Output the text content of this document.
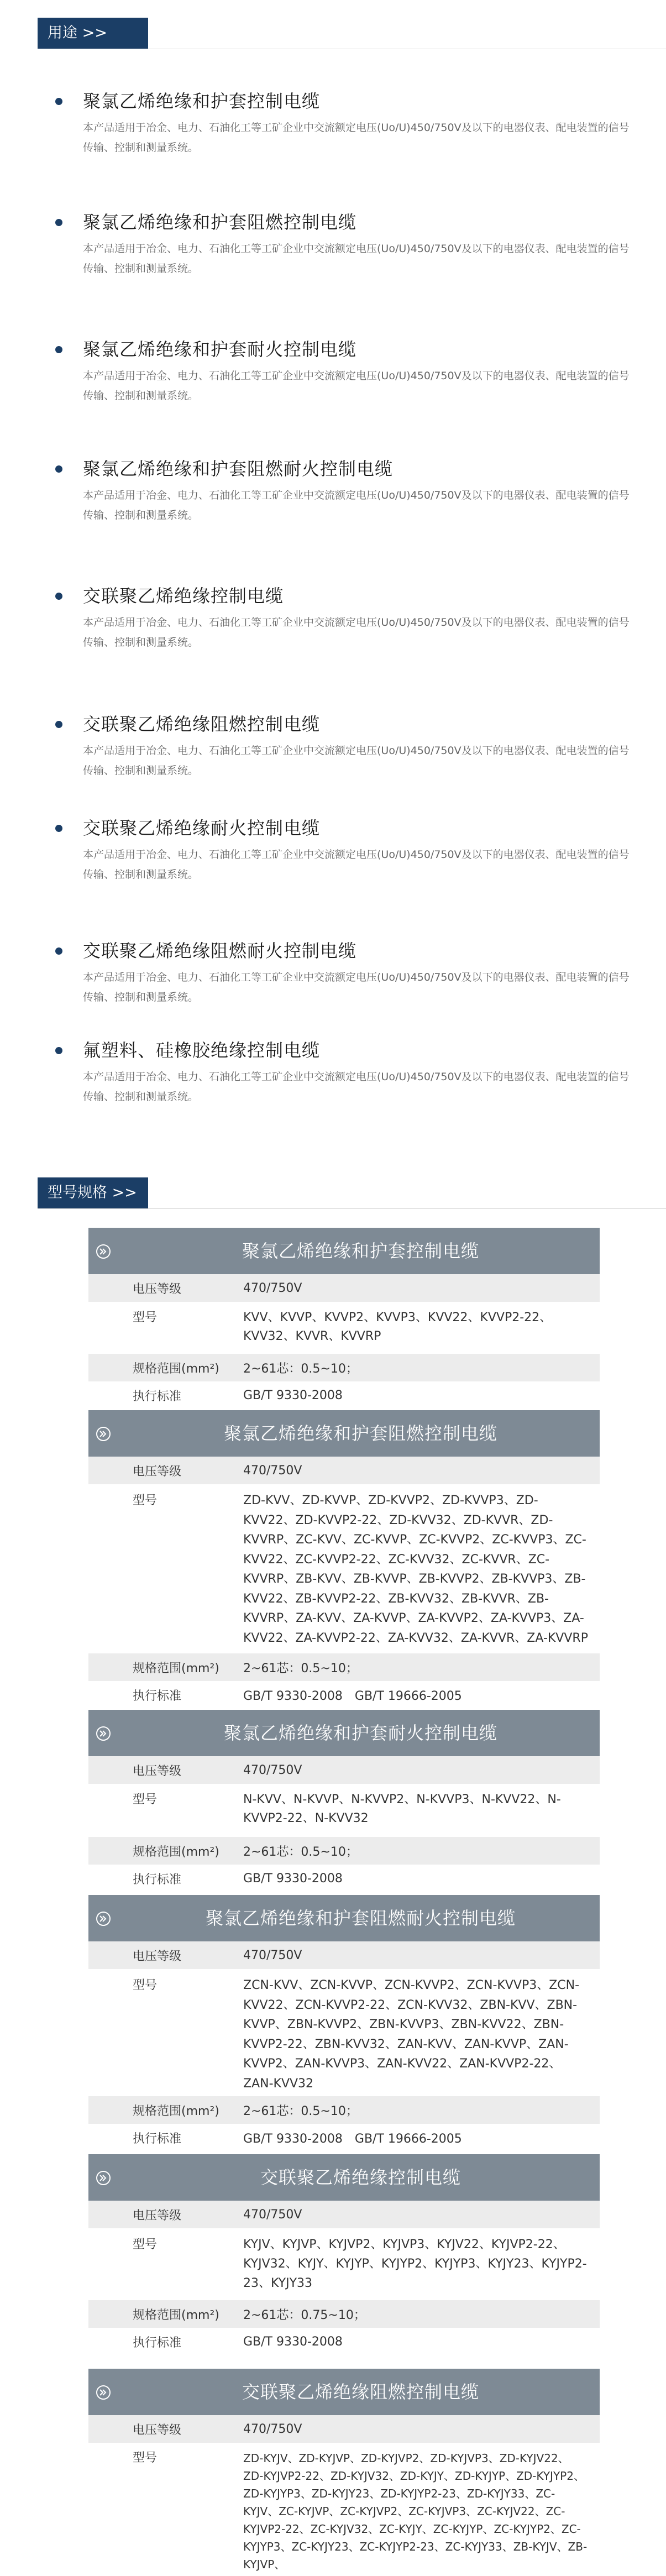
用途 >>
聚氯乙烯绝缘和护套控制电缆
本产品适用于冶金、电力、石油化工等工矿企业中交流额定电压(Uo/U)450/750V及以下的电器仪表、配电装置的信号传输、控制和测量系统。
聚氯乙烯绝缘和护套阻燃控制电缆
本产品适用于冶金、电力、石油化工等工矿企业中交流额定电压(Uo/U)450/750V及以下的电器仪表、配电装置的信号传输、控制和测量系统。
聚氯乙烯绝缘和护套耐火控制电缆
本产品适用于冶金、电力、石油化工等工矿企业中交流额定电压(Uo/U)450/750V及以下的电器仪表、配电装置的信号传输、控制和测量系统。
聚氯乙烯绝缘和护套阻燃耐火控制电缆
本产品适用于冶金、电力、石油化工等工矿企业中交流额定电压(Uo/U)450/750V及以下的电器仪表、配电装置的信号传输、控制和测量系统。
交联聚乙烯绝缘控制电缆
本产品适用于冶金、电力、石油化工等工矿企业中交流额定电压(Uo/U)450/750V及以下的电器仪表、配电装置的信号传输、控制和测量系统。
交联聚乙烯绝缘阻燃控制电缆
本产品适用于冶金、电力、石油化工等工矿企业中交流额定电压(Uo/U)450/750V及以下的电器仪表、配电装置的信号传输、控制和测量系统。
交联聚乙烯绝缘耐火控制电缆
本产品适用于冶金、电力、石油化工等工矿企业中交流额定电压(Uo/U)450/750V及以下的电器仪表、配电装置的信号传输、控制和测量系统。
交联聚乙烯绝缘阻燃耐火控制电缆
本产品适用于冶金、电力、石油化工等工矿企业中交流额定电压(Uo/U)450/750V及以下的电器仪表、配电装置的信号传输、控制和测量系统。
氟塑料、硅橡胶绝缘控制电缆
本产品适用于冶金、电力、石油化工等工矿企业中交流额定电压(Uo/U)450/750V及以下的电器仪表、配电装置的信号传输、控制和测量系统。
型号规格 >>
聚氯乙烯绝缘和护套控制电缆
电压等级	470/750V
型号	KVV、KVVP、KVVP2、KVVP3、KVV22、KVVP2-22、KVV32、KVVR、KVVRP
规格范围(mm²)	2~61芯：0.5~10；
执行标准	GB/T 9330-2008
聚氯乙烯绝缘和护套阻燃控制电缆
电压等级	470/750V
型号	ZD-KVV、ZD-KVVP、ZD-KVVP2、ZD-KVVP3、ZD-KVV22、ZD-KVVP2-22、ZD-KVV32、ZD-KVVR、ZD-KVVRP、ZC-KVV、ZC-KVVP、ZC-KVVP2、ZC-KVVP3、ZC-KVV22、ZC-KVVP2-22、ZC-KVV32、ZC-KVVR、ZC-KVVRP、ZB-KVV、ZB-KVVP、ZB-KVVP2、ZB-KVVP3、ZB-KVV22、ZB-KVVP2-22、ZB-KVV32、ZB-KVVR、ZB-KVVRP、ZA-KVV、ZA-KVVP、ZA-KVVP2、ZA-KVVP3、ZA-KVV22、ZA-KVVP2-22、ZA-KVV32、ZA-KVVR、ZA-KVVRP
规格范围(mm²)	2~61芯：0.5~10；
执行标准	GB/T 9330-2008　GB/T 19666-2005
聚氯乙烯绝缘和护套耐火控制电缆
电压等级	470/750V
型号	N-KVV、N-KVVP、N-KVVP2、N-KVVP3、N-KVV22、N-KVVP2-22、N-KVV32
规格范围(mm²)	2~61芯：0.5~10；
执行标准	GB/T 9330-2008
聚氯乙烯绝缘和护套阻燃耐火控制电缆
电压等级	470/750V
型号	ZCN-KVV、ZCN-KVVP、ZCN-KVVP2、ZCN-KVVP3、ZCN-KVV22、ZCN-KVVP2-22、ZCN-KVV32、ZBN-KVV、ZBN-KVVP、ZBN-KVVP2、ZBN-KVVP3、ZBN-KVV22、ZBN-KVVP2-22、ZBN-KVV32、ZAN-KVV、ZAN-KVVP、ZAN-KVVP2、ZAN-KVVP3、ZAN-KVV22、ZAN-KVVP2-22、ZAN-KVV32
规格范围(mm²)	2~61芯：0.5~10；
执行标准	GB/T 9330-2008　GB/T 19666-2005
交联聚乙烯绝缘控制电缆
电压等级	470/750V
型号	KYJV、KYJVP、KYJVP2、KYJVP3、KYJV22、KYJVP2-22、KYJV32、KYJY、KYJYP、KYJYP2、KYJYP3、KYJY23、KYJYP2-23、KYJY33
规格范围(mm²)	2~61芯：0.75~10；
执行标准	GB/T 9330-2008
交联聚乙烯绝缘阻燃控制电缆
电压等级	470/750V
型号	ZD-KYJV、ZD-KYJVP、ZD-KYJVP2、ZD-KYJVP3、ZD-KYJV22、ZD-KYJVP2-22、ZD-KYJV32、ZD-KYJY、ZD-KYJYP、ZD-KYJYP2、ZD-KYJYP3、ZD-KYJY23、ZD-KYJYP2-23、ZD-KYJY33、ZC-KYJV、ZC-KYJVP、ZC-KYJVP2、ZC-KYJVP3、ZC-KYJV22、ZC-KYJVP2-22、ZC-KYJV32、ZC-KYJY、ZC-KYJYP、ZC-KYJYP2、ZC-KYJYP3、ZC-KYJY23、ZC-KYJYP2-23、ZC-KYJY33、ZB-KYJV、ZB-KYJVP、
